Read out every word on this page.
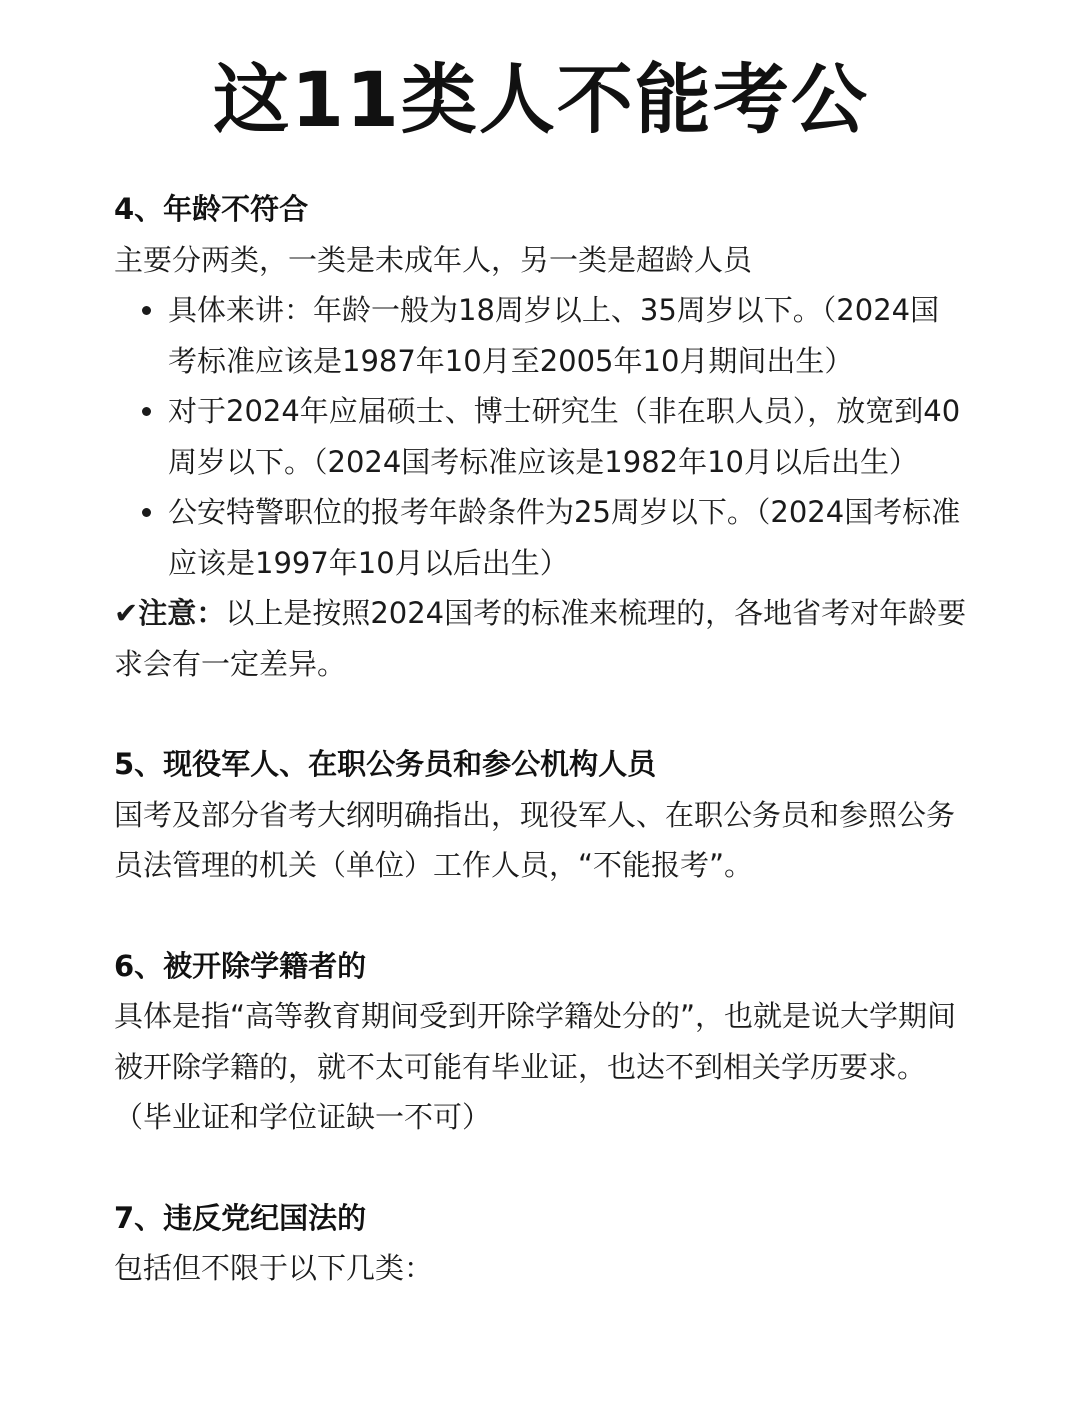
这11类人不能考公

4、年龄不符合

主要分两类，一类是未成年人，另一类是超龄人员

具体来讲：年龄一般为18周岁以上、35周岁以下。（2024国考标准应该是1987年10月至2005年10月期间出生）
对于2024年应届硕士、博士研究生（非在职人员），放宽到40周岁以下。（2024国考标准应该是1982年10月以后出生）
公安特警职位的报考年龄条件为25周岁以下。（2024国考标准应该是1997年10月以后出生）

✔注意：以上是按照2024国考的标准来梳理的，各地省考对年龄要求会有一定差异。

5、现役军人、在职公务员和参公机构人员

国考及部分省考大纲明确指出，现役军人、在职公务员和参照公务员法管理的机关（单位）工作人员，“不能报考”。

6、被开除学籍者的

具体是指“高等教育期间受到开除学籍处分的”，也就是说大学期间被开除学籍的，就不太可能有毕业证，也达不到相关学历要求。（毕业证和学位证缺一不可）

7、违反党纪国法的

包括但不限于以下几类：
